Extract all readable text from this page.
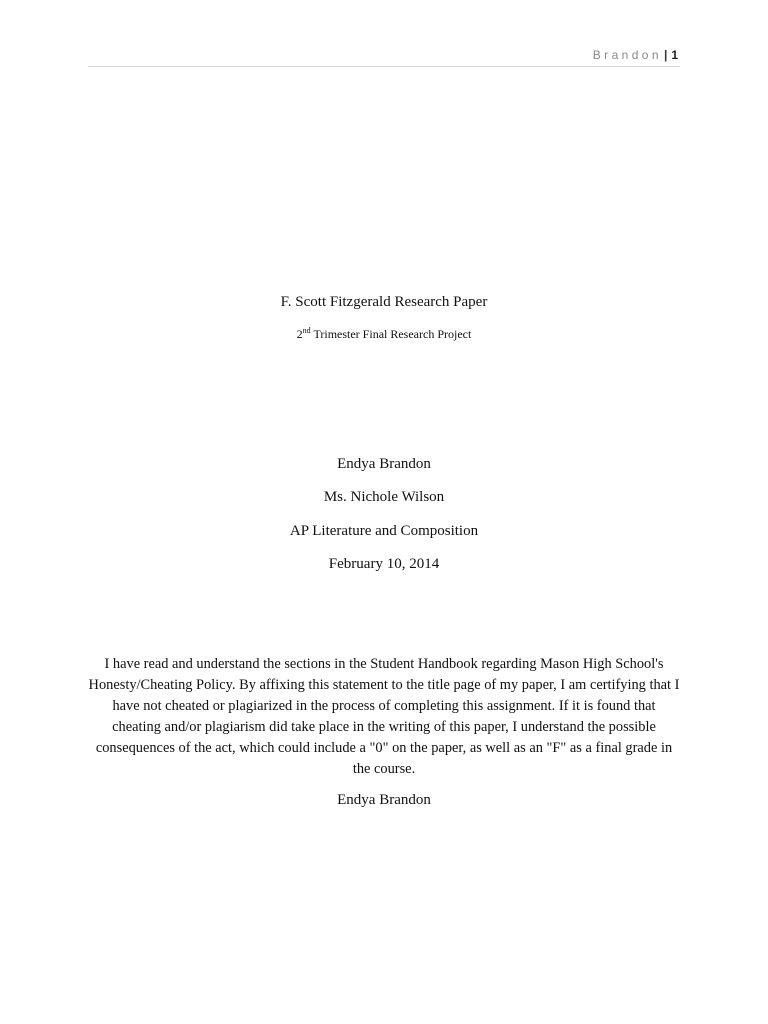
Brandon | 1
F. Scott Fitzgerald Research Paper
2nd Trimester Final Research Project
Endya Brandon
Ms. Nichole Wilson
AP Literature and Composition
February 10, 2014

I have read and understand the sections in the Student Handbook regarding Mason High School's Honesty/Cheating Policy. By affixing this statement to the title page of my paper, I am certifying that I have not cheated or plagiarized in the process of completing this assignment. If it is found that cheating and/or plagiarism did take place in the writing of this paper, I understand the possible consequences of the act, which could include a "0" on the paper, as well as an "F" as a final grade in the course.

Endya Brandon
